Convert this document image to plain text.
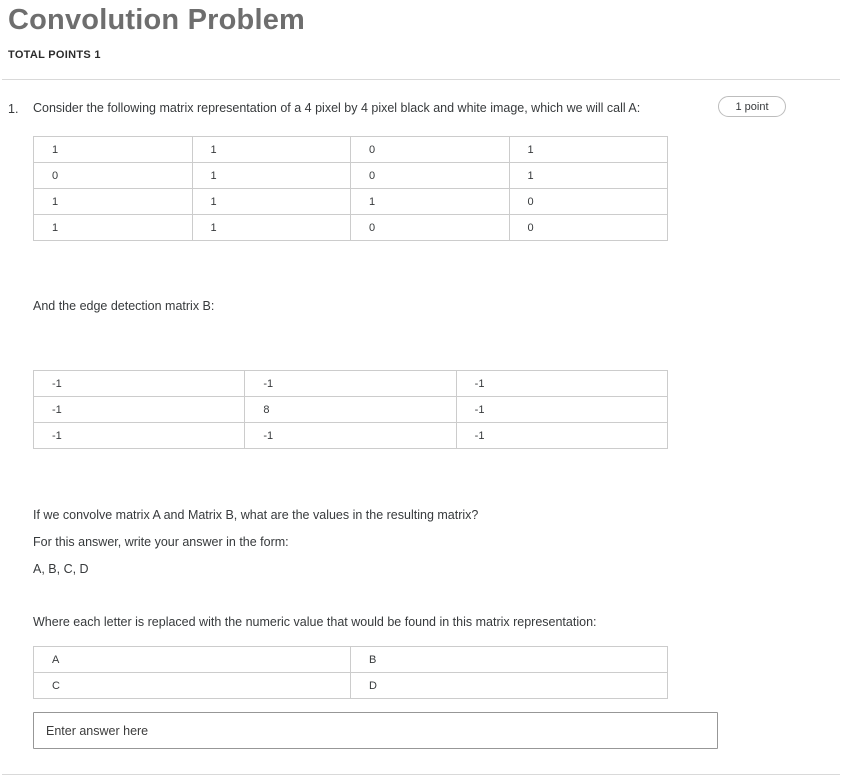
Convolution Problem
TOTAL POINTS 1
1 point
1.	Consider the following matrix representation of a 4 pixel by 4 pixel black and white image, which we will call A:

1	1	0	1
0	1	0	1
1	1	1	0
1	1	0	0

And the edge detection matrix B:

-1	-1	-1
-1	8	-1
-1	-1	-1

If we convolve matrix A and Matrix B, what are the values in the resulting matrix?

For this answer, write your answer in the form:

A, B, C, D

Where each letter is replaced with the numeric value that would be found in this matrix representation:

A	B
C	D
Enter answer here
